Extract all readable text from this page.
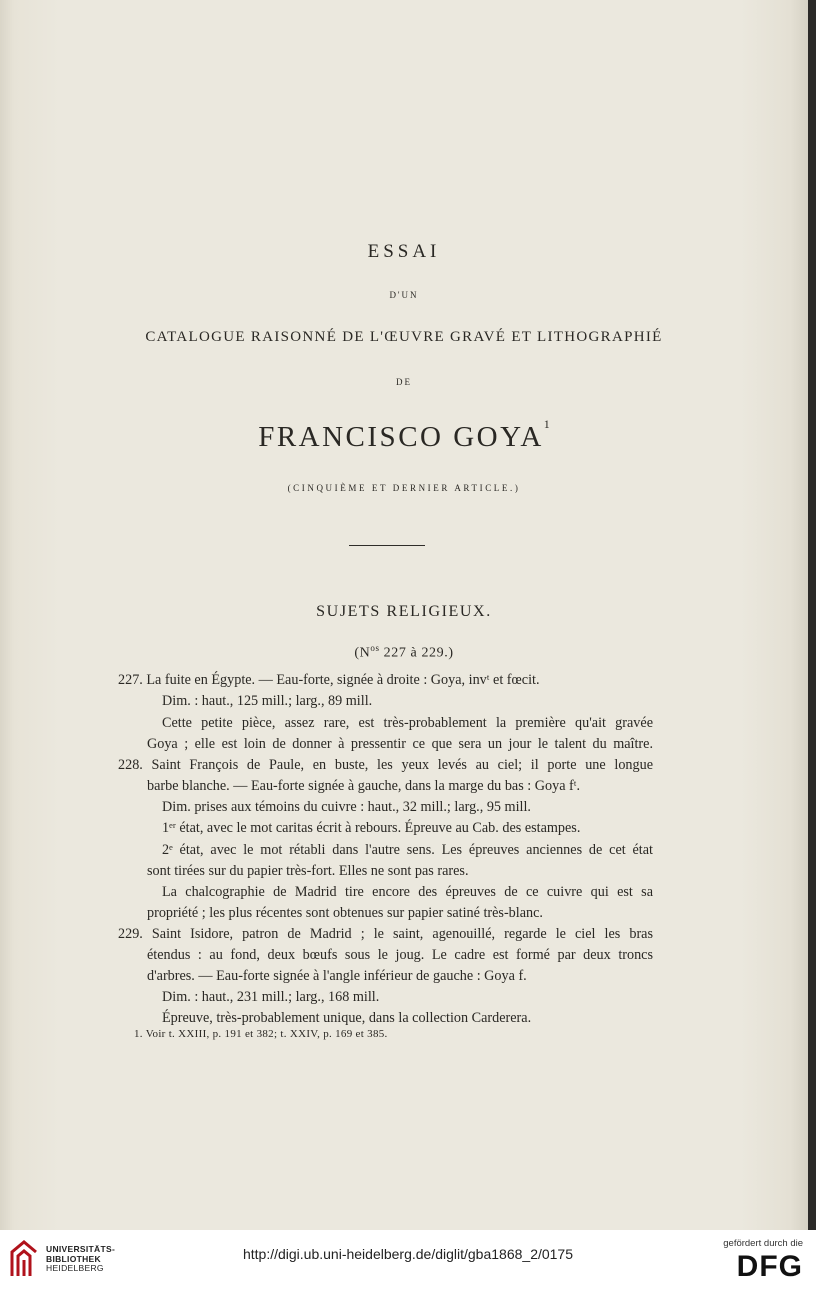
ESSAI
D'UN
CATALOGUE RAISONNÉ DE L'ŒUVRE GRAVÉ ET LITHOGRAPHIÉ
DE
FRANCISCO GOYA$^1$
(CINQUIÈME ET DERNIER ARTICLE.)
SUJETS RELIGIEUX.
($N^{os}$ 227 à 229.)
227. La fuite en Égypte. — Eau-forte, signée à droite : Goya, invᵗ et fœcit.
Dim. : haut., 125 mill.; larg., 89 mill.
Cette petite pièce, assez rare, est très-probablement la première qu'ait gravée
Goya ; elle est loin de donner à pressentir ce que sera un jour le talent du maître.
228. Saint François de Paule, en buste, les yeux levés au ciel; il porte une longue
barbe blanche. — Eau-forte signée à gauche, dans la marge du bas : Goya fᵗ.
Dim. prises aux témoins du cuivre : haut., 32 mill.; larg., 95 mill.
1ᵉʳ état, avec le mot caritas écrit à rebours. Épreuve au Cab. des estampes.
2ᵉ état, avec le mot rétabli dans l'autre sens. Les épreuves anciennes de cet état
sont tirées sur du papier très-fort. Elles ne sont pas rares.
La chalcographie de Madrid tire encore des épreuves de ce cuivre qui est sa
propriété ; les plus récentes sont obtenues sur papier satiné très-blanc.
229. Saint Isidore, patron de Madrid ; le saint, agenouillé, regarde le ciel les bras
étendus : au fond, deux bœufs sous le joug. Le cadre est formé par deux troncs
d'arbres. — Eau-forte signée à l'angle inférieur de gauche : Goya f.
Dim. : haut., 231 mill.; larg., 168 mill.
Épreuve, très-probablement unique, dans la collection Carderera.
1. Voir t. XXIII, p. 191 et 382; t. XXIV, p. 169 et 385.
UNIVERSITÄTS-
BIBLIOTHEK
HEIDELBERG
http://digi.ub.uni-heidelberg.de/diglit/gba1868_2/0175
gefördert durch die
DFG
